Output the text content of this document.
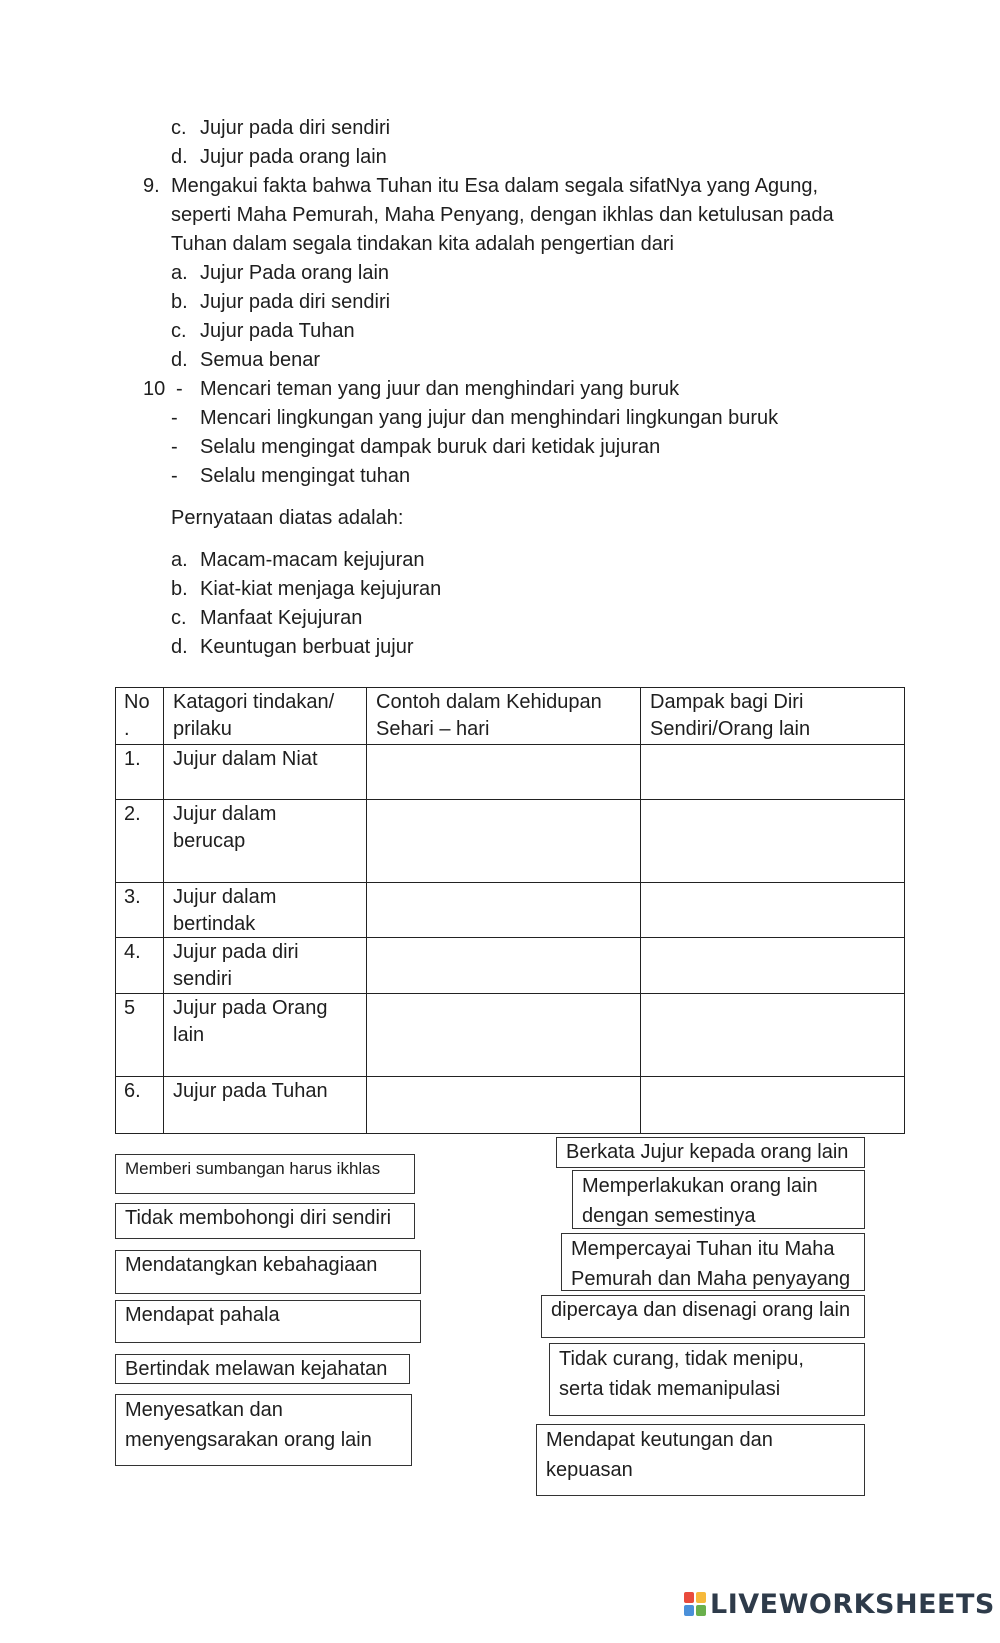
c. Jujur pada diri sendiri
d. Jujur pada orang lain
9. Mengakui fakta bahwa Tuhan itu Esa dalam segala sifatNya yang Agung,
seperti Maha Pemurah, Maha Penyang, dengan ikhlas dan ketulusan pada
Tuhan dalam segala tindakan kita adalah pengertian dari
a. Jujur Pada orang lain
b. Jujur pada diri sendiri
c. Jujur pada Tuhan
d. Semua benar
10 - Mencari teman yang juur dan menghindari yang buruk
- Mencari lingkungan yang jujur dan menghindari lingkungan buruk
- Selalu mengingat dampak buruk dari ketidak jujuran
- Selalu mengingat tuhan
Pernyataan diatas adalah:
a. Macam-macam kejujuran
b. Kiat-kiat menjaga kejujuran
c. Manfaat Kejujuran
d. Keuntugan berbuat jujur
No
.
Katagori tindakan/
prilaku
Contoh dalam Kehidupan
Sehari – hari
Dampak bagi Diri
Sendiri/Orang lain
1. Jujur dalam Niat
2. Jujur dalam
berucap
3. Jujur dalam
bertindak
4. Jujur pada diri
sendiri
5 Jujur pada Orang
lain
6. Jujur pada Tuhan
Memberi sumbangan harus ikhlas
Tidak membohongi diri sendiri
Mendatangkan kebahagiaan
Mendapat pahala
Bertindak melawan kejahatan
Menyesatkan dan
menyengsarakan orang lain
Berkata Jujur kepada orang lain
Memperlakukan orang lain
dengan semestinya
Mempercayai Tuhan itu Maha
Pemurah dan Maha penyayang
dipercaya dan disenagi orang lain
Tidak curang, tidak menipu,
serta tidak memanipulasi
Mendapat keutungan dan
kepuasan
LIVEWORKSHEETS
